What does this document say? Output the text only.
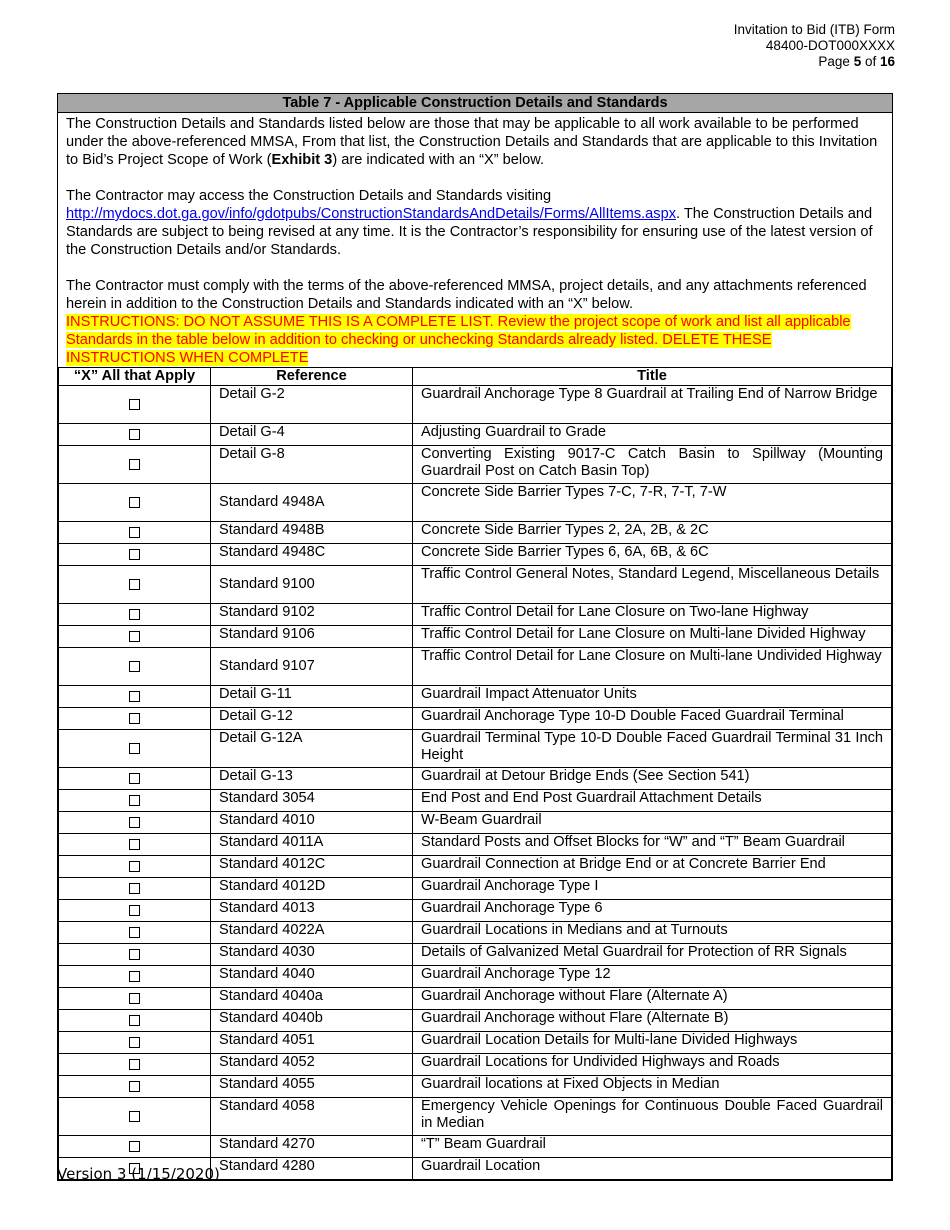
Invitation to Bid (ITB) Form
48400-DOT000XXXX
Page 5 of 16
Table 7 - Applicable Construction Details and Standards

The Construction Details and Standards listed below are those that may be applicable to all work available to be performed under the above-referenced MMSA, From that list, the Construction Details and Standards that are applicable to this Invitation to Bid’s Project Scope of Work (Exhibit 3) are indicated with an “X” below.

The Contractor may access the Construction Details and Standards visiting http://mydocs.dot.ga.gov/info/gdotpubs/ConstructionStandardsAndDetails/Forms/AllItems.aspx. The Construction Details and Standards are subject to being revised at any time. It is the Contractor’s responsibility for ensuring use of the latest version of the Construction Details and/or Standards.

The Contractor must comply with the terms of the above-referenced MMSA, project details, and any attachments referenced herein in addition to the Construction Details and Standards indicated with an “X” below.

INSTRUCTIONS: DO NOT ASSUME THIS IS A COMPLETE LIST. Review the project scope of work and list all applicable Standards in the table below in addition to checking or unchecking Standards already listed. DELETE THESE INSTRUCTIONS WHEN COMPLETE

“X” All that Apply	Reference	Title
	Detail G-2	Guardrail Anchorage Type 8 Guardrail at Trailing End of Narrow Bridge
	Detail G-4	Adjusting Guardrail to Grade
	Detail G-8	Converting Existing 9017-C Catch Basin to Spillway (Mounting Guardrail Post on Catch Basin Top)
	Standard 4948A	Concrete Side Barrier Types 7-C, 7-R, 7-T, 7-W
	Standard 4948B	Concrete Side Barrier Types 2, 2A, 2B, & 2C
	Standard 4948C	Concrete Side Barrier Types 6, 6A, 6B, & 6C
	Standard 9100	Traffic Control General Notes, Standard Legend, Miscellaneous Details
	Standard 9102	Traffic Control Detail for Lane Closure on Two-lane Highway
	Standard 9106	Traffic Control Detail for Lane Closure on Multi-lane Divided Highway
	Standard 9107	Traffic Control Detail for Lane Closure on Multi-lane Undivided Highway
	Detail G-11	Guardrail Impact Attenuator Units
	Detail G-12	Guardrail Anchorage Type 10-D Double Faced Guardrail Terminal
	Detail G-12A	Guardrail Terminal Type 10-D Double Faced Guardrail Terminal 31 Inch Height
	Detail G-13	Guardrail at Detour Bridge Ends (See Section 541)
	Standard 3054	End Post and End Post Guardrail Attachment Details
	Standard 4010	W-Beam Guardrail
	Standard 4011A	Standard Posts and Offset Blocks for “W” and “T” Beam Guardrail
	Standard 4012C	Guardrail Connection at Bridge End or at Concrete Barrier End
	Standard 4012D	Guardrail Anchorage Type I
	Standard 4013	Guardrail Anchorage Type 6
	Standard 4022A	Guardrail Locations in Medians and at Turnouts
	Standard 4030	Details of Galvanized Metal Guardrail for Protection of RR Signals
	Standard 4040	Guardrail Anchorage Type 12
	Standard 4040a	Guardrail Anchorage without Flare (Alternate A)
	Standard 4040b	Guardrail Anchorage without Flare (Alternate B)
	Standard 4051	Guardrail Location Details for Multi-lane Divided Highways
	Standard 4052	Guardrail Locations for Undivided Highways and Roads
	Standard 4055	Guardrail locations at Fixed Objects in Median
	Standard 4058	Emergency Vehicle Openings for Continuous Double Faced Guardrail in Median
	Standard 4270	“T” Beam Guardrail
	Standard 4280	Guardrail Location
Version 3 (1/15/2020)
